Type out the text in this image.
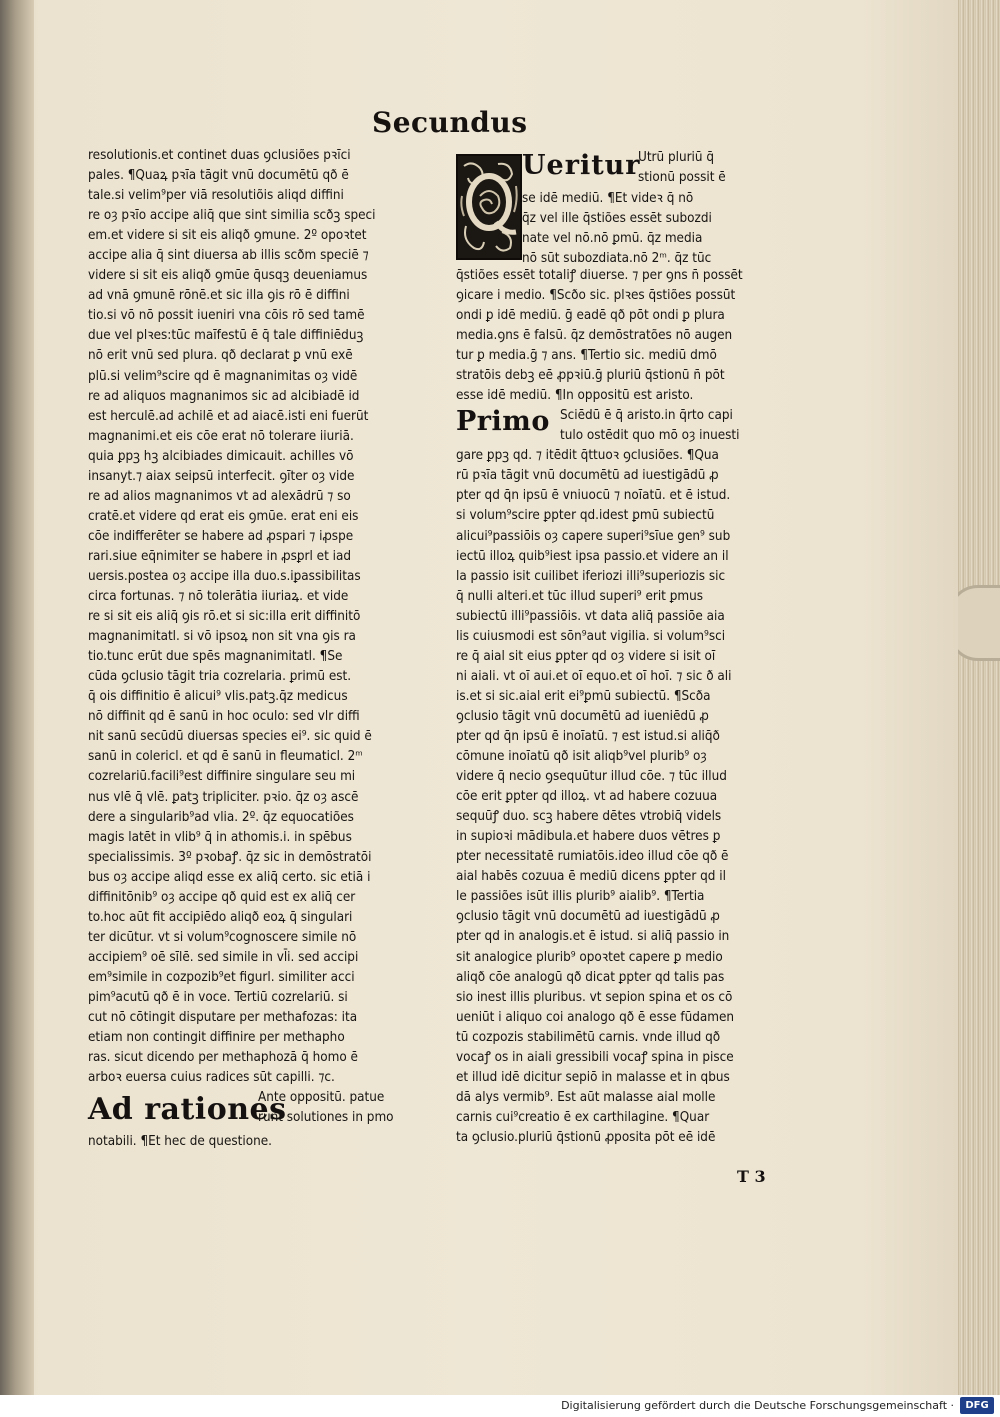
Secundus
resolutionis.et continet duas ꝯclusiões pꝛīci
pales. ¶Quaꝝ pꝛīa tāgit vnū documētū qð ē
tale.si velim⁹per viā resolutiõis aliqd diffini
re oȝ pꝛīo accipe aliq̄ que sint similia scðꝫ speci
em.et videre si sit eis aliqð ꝯmune. 2º opoꝛtet
accipe alia q̄ sint diuersa ab illis scðm speciē ⁊
videre si sit eis aliqð ꝯmūe q̄usqꝫ deueniamus
ad vnā ꝯmunē rōnē.et sic illa ꝯis rō ē diffini
tio.si vō nō possit iueniri vna cōis rō sed tamē
due vel plꝛes:tūc maīfestū ē q̄ tale diffiniēduꝫ
nō erit vnū sed plura. qð declarat ꝑ vnū exē
plū.si velim⁹scire qd ē magnanimitas oȝ vidē
re ad aliquos magnanimos sic ad alcibiadē id
est herculē.ad achilē et ad aiacē.isti eni fuerūt
magnanimi.et eis cōe erat nō tolerare iiuriā.
quia ꝑpꝫ hꝫ alcibiades dimicauit. achilles vō
insanyt.⁊ aiax seipsū interfecit. ꝯīter oȝ vide
re ad alios magnanimos vt ad alexādrū ⁊ so
cratē.et videre qd erat eis ꝯmūe. erat eni eis
cōe indifferēter se habere ad ꝓspari ⁊ iꝓspe
rari.siue eq̄nimiter se habere in ꝓsꝑrl et iad
uersis.postea oȝ accipe illa duo.s.iꝑassibilitas
circa fortunas. ⁊ nō tolerātia iiuriaꝝ. et vide
re si sit eis aliq̄ ꝯis rō.et si sic:illa erit diffinitō
magnanimitatl. si vō ipsoꝝ non sit vna ꝯis ra
tio.tunc erūt due spēs magnanimitatl. ¶Se
cūda ꝯclusio tāgit tria cozrelaria. ꝑrimū est.
q̄ ois diffinitio ē alicui⁹ vlis.patꝫ.q̄z medicus
nō diffinit qd ē sanū in hoc oculo: sed vlr diffi
nit sanū secūdū diuersas species ei⁹. sic quid ē
sanū in colericl. et qd ē sanū in fleumaticl. 2ᵐ
cozrelariū.facili⁹est diffinire singulare seu mi
nus vlē q̄ vlē. ꝑatꝫ tripliciter. pꝛio. q̄z oȝ ascē
dere a singularib⁹ad vlia. 2º. q̄z equocatiões
magis latēt in vlib⁹ q̄ in athomis.i. in spēbus
specialissimis. 3º pꝛobaꝭ. q̄z sic in demōstratōi
bus oȝ accipe aliqd esse ex aliq̄ certo. sic etiā i
diffinitōnib⁹ oȝ accipe qð quid est ex aliq̄ cer
to.hoc aūt fit accipiēdo aliqð eoꝝ q̄ singulari
ter dicūtur. vt si volum⁹cognoscere simile nō
accipiem⁹ oē sīlē. sed simile in vl̄i. sed accipi
em⁹simile in cozpozib⁹et figurl. similiter acci
pim⁹acutū qð ē in voce. Tertiū cozrelariū. si
cut nō cōtingit disputare per methafozas: ita
etiam non contingit diffinire per methapho
ras. sicut dicendo per methaphozā q̄ homo ē
arboꝛ euersa cuius radices sūt capilli. ⁊c.
Ad rationes
Ante oppositū. patue
runt solutiones in pmo
notabili. ¶Et hec de questione.
Ueritur
Utrū pluriū q̄
stionū possit ē
se idē mediū. ¶Et videꝛ q̄ nō
q̄z vel ille q̄stiões essēt subozdi
nate vel nō.nō ꝑmū. q̄z media
nō sūt subozdiata.nō 2ᵐ. q̄z tūc
q̄stiões essēt totaliꝭ diuerse. ⁊ per ꝯns n̄ possēt
ꝯicare i medio. ¶Scðo sic. plꝛes q̄stiões possūt
ondi ꝑ idē mediū. ḡ eadē qð pōt ondi ꝑ plura
media.ꝯns ē falsū. q̄z demōstratões nō augen
tur ꝑ media.ḡ ⁊ ans. ¶Tertio sic. mediū dmō
stratōis debꝫ eē ꝓpꝛiū.ḡ pluriū q̄stionū n̄ pōt
esse idē mediū. ¶In oppositū est aristo.
Primo Sciēdū ē q̄ aristo.in q̄rto capi
tulo ostēdit quo mō oȝ inuesti
gare ꝑpꝫ qd. ⁊ itēdit q̄ttuoꝛ ꝯclusiões. ¶Qua
rū pꝛīa tāgit vnū documētū ad iuestigādū ꝓ
pter qd q̄n ipsū ē vniuocū ⁊ noīatū. et ē istud.
si volum⁹scire ꝑpter qd.idest ꝑmū subiectū
alicui⁹passiōis oȝ capere superi⁹sīue gen⁹ sub
iectū illoꝝ quib⁹iest ipsa passio.et videre an il
la passio isit cuilibet iferiozi illi⁹superiozis sic
q̄ nulli alteri.et tūc illud superi⁹ erit ꝑmus
subiectū illi⁹passiōis. vt data aliq̄ passiōe aia
lis cuiusmodi est sōn⁹aut vigilia. si volum⁹sci
re q̄ aial sit eius ꝑpter qd oȝ videre si isit oī
ni aiali. vt oī aui.et oī equo.et oī hoī. ⁊ sic ð ali
is.et si sic.aial erit ei⁹ꝑmū subiectū. ¶Scða
ꝯclusio tāgit vnū documētū ad iueniēdū ꝓ
pter qd q̄n ipsū ē inoīatū. ⁊ est istud.si aliq̄ð
cōmune inoīatū qð isit aliqb⁹vel plurib⁹ oȝ
videre q̄ necio ꝯsequūtur illud cōe. ⁊ tūc illud
cōe erit ꝑpter qd illoꝝ. vt ad habere cozuua
sequūꝭ duo. scꝫ habere dētes vtrobiq̄ videls
in supioꝛi mādibula.et habere duos vētres ꝑ
pter necessitatē rumiatōis.ideo illud cōe qð ē
aial habēs cozuua ē mediū dicens ꝑpter qd il
le passiões isūt illis plurib⁹ aialib⁹. ¶Tertia
ꝯclusio tāgit vnū documētū ad iuestigādū ꝓ
pter qd in analogis.et ē istud. si aliq̄ passio in
sit analogice plurib⁹ opoꝛtet capere ꝑ medio
aliqð cōe analogū qð dicat ꝑpter qd talis pas
sio inest illis pluribus. vt sepion spina et os cō
ueniūt i aliquo coi analogo qð ē esse fūdamen
tū cozpozis stabilimētū carnis. vnde illud qð
vocaꝭ os in aiali gressibili vocaꝭ spina in pisce
et illud idē dicitur sepiō in malasse et in qbus
dā alys vermib⁹. Est aūt malasse aial molle
carnis cui⁹creatio ē ex carthilagine. ¶Quar
ta ꝯclusio.pluriū q̄stionū ꝓposita pōt eē idē
T 3
Digitalisierung gefördert durch die Deutsche Forschungsgemeinschaft ·	DFG
